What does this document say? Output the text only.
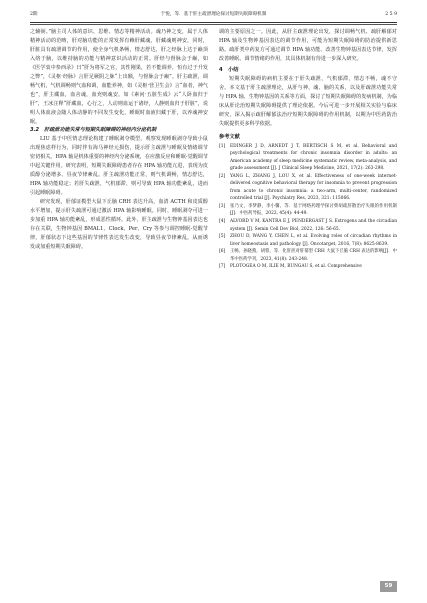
2期	于悦，等．基于肝主疏泄理论探讨短期失眠障碍机制	2 5 9

之辅弼。”脑主司人体的意识、思维、情志等精神活动。魂乃神之变，属于人体精神活动的范畴，肝对脑功能的正常发挥有赖肝藏魂，肝藏魂则神安，同时，肝脏具有疏泄调节的作用，使全身气机条畅，情志舒达，肝之经脉上达于巅顶入络于脑，以维持脑的功能与精神意识活动的正常。肝经与督脉会于巅，如《医学衷中参西录》曰“肝为将军之官，其性刚果，若不能调养，恒有过于升发之弊”，《灵枢·经脉》言肝足厥阴之脉“上出额，与督脉会于巅”。肝主疏泄，调畅气机，气机调畅则气血和调，血能养神，如《灵枢·营卫生会》言“血者，神气也”，肝主藏血，血舍魂，血充则魂安。如《素问·五脏生成》云“人卧血归于肝”，王冰注释“肝藏血，心行之，人动则血运于诸经，人静则血归于肝脏”，说明人体血液会随人体动静的不同发生变化，睡眠时血液归藏于肝，以养魂神安眠。

3.2　肝疏泄功能失常与短期失眠障碍的神经内分泌机制

LIU 基于中医情志理论构建了睡眠剥夺模型，观察发现睡眠剥夺导致小鼠出现焦虑样行为，同时伴有海马神经元损伤，提示肝主疏泄与睡眠及情绪调节密切相关。HPA 轴是机体重要的神经内分泌系统，在应激反应和睡眠-觉醒调节中起关键作用。研究表明，短期失眠障碍患者存在 HPA 轴功能亢进，表现为皮质醇分泌增多、昼夜节律紊乱。肝主疏泄功能正常，则气机调畅，情志舒达，HPA 轴功能稳定；若肝失疏泄，气机郁滞，则可导致 HPA 轴功能紊乱，进而引起睡眠障碍。

研究发现，肝郁证模型大鼠下丘脑 CRH 表达升高，血清 ACTH 和皮质醇水平增加，提示肝失疏泄可通过激活 HPA 轴影响睡眠。同时，睡眠剥夺可进一步加重 HPA 轴功能紊乱，形成恶性循环。此外，肝主疏泄与生物钟基因表达也存在关联，生物钟基因 BMAL1、Clock、Per、Cry 等参与调控睡眠-觉醒节律，肝郁状态下这些基因的节律性表达发生改变，导致昼夜节律紊乱，从而诱发或加重短期失眠障碍。

调的主要原因之一。因此，从肝主疏泄理论出发，探讨调畅气机、疏肝解郁对 HPA 轴及生物钟基因表达的调节作用，可能为短期失眠障碍的防治提供新思路。疏肝类中药复方可通过调节 HPA 轴功能、改善生物钟基因表达节律，发挥改善睡眠、调节情绪的作用，其具体机制有待进一步深入研究。

4　小结

短期失眠障碍的病机主要在于肝失疏泄，气机郁滞，情志不畅，魂不守舍。本文基于肝主疏泄理论，从肝与神、魂、脑的关系，以及肝疏泄功能失常与 HPA 轴、生物钟基因的关系等方面，探讨了短期失眠障碍的发病机制，为临床从肝论治短期失眠障碍提供了理论依据。今后可进一步开展相关实验与临床研究，深入揭示疏肝解郁法治疗短期失眠障碍的作用机制，以期为中医药防治失眠提供更多科学依据。

参考文献

[1] EDINGER J D, ARNEDT J T, BERTISCH S M, et al. Behavioral and psychological treatments for chronic insomnia disorder in adults: an American academy of sleep medicine systematic review, meta-analysis, and grade assessment [J]. J Clinical Sleep Medicine, 2021, 17(2): 263-298.
[2] YANG L, ZHANG J, LOU X, et al. Effectiveness of one-week internet-delivered cognitive behavioral therapy for insomnia to prevent progression from acute to chronic insomnia: a two-arm, multi-center, randomized controlled trial [J]. Psychiatry Res, 2023, 321: 115066.
[3] 张乃文，李梦静，李小馨，等．基于网络药理学探讨柴胡疏肝散治疗失眠的作用机制[J]．中医药导报，2022, 45(4): 44-49.
[4] ALVORD V M, KANTRA E J, PENDERGAST J S. Estrogens and the circadian system [J]. Semin Cell Dev Biol, 2022, 126: 56-65.
[5] ZHOU D, WANG Y, CHEN L, et al. Evolving roles of circadian rhythms in liver homeostasis and pathology [J]. Oncotarget, 2016, 7(8): 8625-8639.
[6] 王畅，孙晓燕，胡蓉，等．化肝煎对肝郁型 CRH 大鼠下丘脑 CRH 表达的影响[J]．中华中医药学刊，2023, 41(8): 243-248.
[7] PLOTOGEA O M, ILIE M, BUNGAU S, et al. Comprehensive
59
